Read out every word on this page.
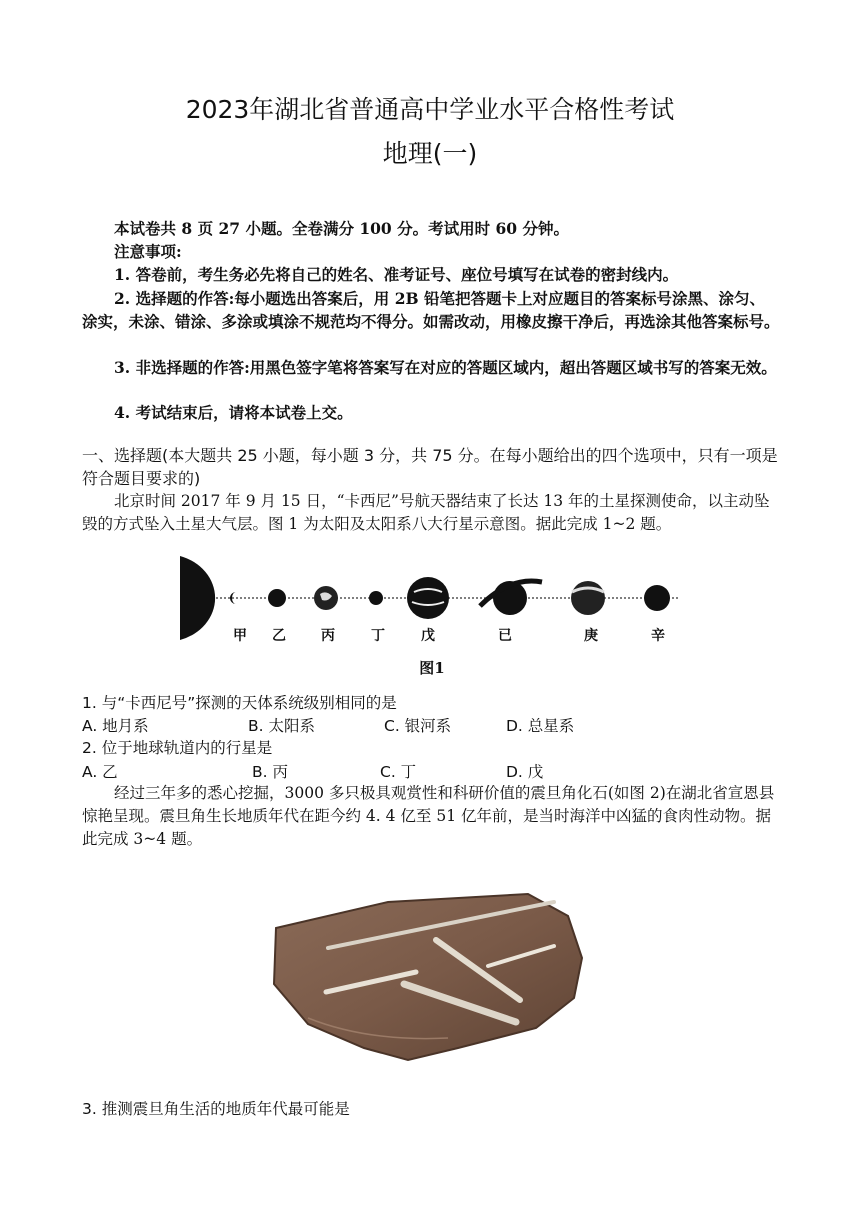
2023年湖北省普通高中学业水平合格性考试
地理(一)
本试卷共 8 页 27 小题。全卷满分 100 分。考试用时 60 分钟。
注意事项:
1. 答卷前，考生务必先将自己的姓名、准考证号、座位号填写在试卷的密封线内。
2. 选择题的作答:每小题选出答案后，用 2B 铅笔把答题卡上对应题目的答案标号涂黑、涂匀、涂实，未涂、错涂、多涂或填涂不规范均不得分。如需改动，用橡皮擦干净后，再选涂其他答案标号。
3. 非选择题的作答:用黑色签字笔将答案写在对应的答题区域内，超出答题区域书写的答案无效。
4. 考试结束后，请将本试卷上交。
一、选择题(本大题共 25 小题，每小题 3 分，共 75 分。在每小题给出的四个选项中，只有一项是符合题目要求的)
北京时间 2017 年 9 月 15 日，“卡西尼”号航天器结束了长达 13 年的土星探测使命，以主动坠毁的方式坠入土星大气层。图 1 为太阳及太阳系八大行星示意图。据此完成 1~2 题。
甲 乙	丙	丁	戊	已	庚	辛
图1
1. 与“卡西尼号”探测的天体系统级别相同的是
A. 地月系	B. 太阳系	C. 银河系	D. 总星系
2. 位于地球轨道内的行星是
A. 乙	B. 丙	C. 丁	D. 戊
经过三年多的悉心挖掘，3000 多只极具观赏性和科研价值的震旦角化石(如图 2)在湖北省宣恩县惊艳呈现。震旦角生长地质年代在距今约 4. 4 亿至 51 亿年前，是当时海洋中凶猛的食肉性动物。据此完成 3~4 题。
3. 推测震旦角生活的地质年代最可能是
